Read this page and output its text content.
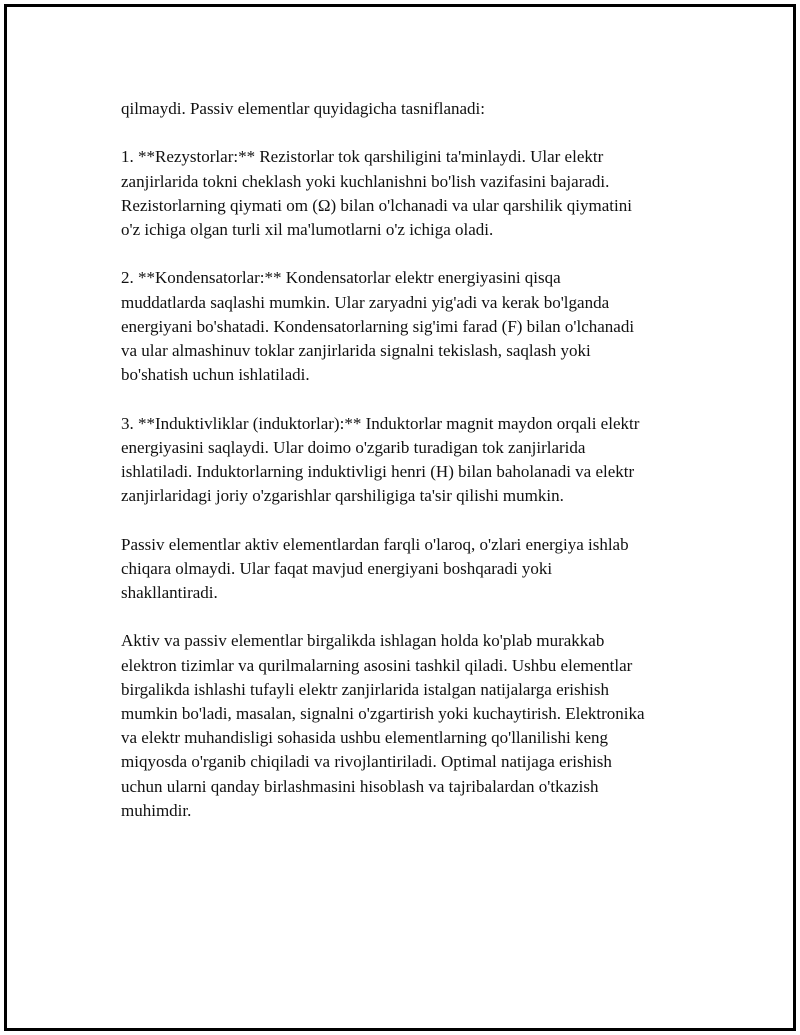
qilmaydi. Passiv elementlar quyidagicha tasniflanadi:
1. **Rezystorlar:** Rezistorlar tok qarshiligini ta'minlaydi. Ular elektr
zanjirlarida tokni cheklash yoki kuchlanishni bo'lish vazifasini bajaradi.
Rezistorlarning qiymati om (Ω) bilan o'lchanadi va ular qarshilik qiymatini
o'z ichiga olgan turli xil ma'lumotlarni o'z ichiga oladi.
2. **Kondensatorlar:** Kondensatorlar elektr energiyasini qisqa
muddatlarda saqlashi mumkin. Ular zaryadni yig'adi va kerak bo'lganda
energiyani bo'shatadi. Kondensatorlarning sig'imi farad (F) bilan o'lchanadi
va ular almashinuv toklar zanjirlarida signalni tekislash, saqlash yoki
bo'shatish uchun ishlatiladi.
3. **Induktivliklar (induktorlar):** Induktorlar magnit maydon orqali elektr
energiyasini saqlaydi. Ular doimo o'zgarib turadigan tok zanjirlarida
ishlatiladi. Induktorlarning induktivligi henri (H) bilan baholanadi va elektr
zanjirlaridagi joriy o'zgarishlar qarshiligiga ta'sir qilishi mumkin.
Passiv elementlar aktiv elementlardan farqli o'laroq, o'zlari energiya ishlab
chiqara olmaydi. Ular faqat mavjud energiyani boshqaradi yoki
shakllantiradi.
Aktiv va passiv elementlar birgalikda ishlagan holda ko'plab murakkab
elektron tizimlar va qurilmalarning asosini tashkil qiladi. Ushbu elementlar
birgalikda ishlashi tufayli elektr zanjirlarida istalgan natijalarga erishish
mumkin bo'ladi, masalan, signalni o'zgartirish yoki kuchaytirish. Elektronika
va elektr muhandisligi sohasida ushbu elementlarning qo'llanilishi keng
miqyosda o'rganib chiqiladi va rivojlantiriladi. Optimal natijaga erishish
uchun ularni qanday birlashmasini hisoblash va tajribalardan o'tkazish
muhimdir.
